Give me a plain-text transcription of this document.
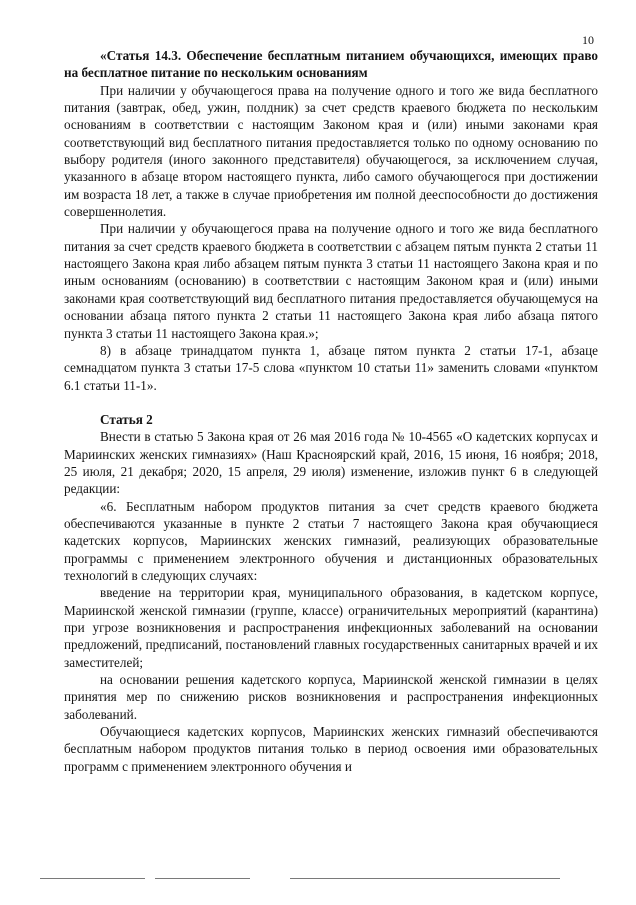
10

«Статья 14.3. Обеспечение бесплатным питанием обучающихся, имеющих право на бесплатное питание по нескольким основаниям

При наличии у обучающегося права на получение одного и того же вида бесплатного питания (завтрак, обед, ужин, полдник) за счет средств краевого бюджета по нескольким основаниям в соответствии с настоящим Законом края и (или) иными законами края соответствующий вид бесплатного питания предоставляется только по одному основанию по выбору родителя (иного законного представителя) обучающегося, за исключением случая, указанного в абзаце втором настоящего пункта, либо самого обучающегося при достижении им возраста 18 лет, а также в случае приобретения им полной дееспособности до достижения совершеннолетия.

При наличии у обучающегося права на получение одного и того же вида бесплатного питания за счет средств краевого бюджета в соответствии с абзацем пятым пункта 2 статьи 11 настоящего Закона края либо абзацем пятым пункта 3 статьи 11 настоящего Закона края и по иным основаниям (основанию) в соответствии с настоящим Законом края и (или) иными законами края соответствующий вид бесплатного питания предоставляется обучающемуся на основании абзаца пятого пункта 2 статьи 11 настоящего Закона края либо абзаца пятого пункта 3 статьи 11 настоящего Закона края.»;

8) в абзаце тринадцатом пункта 1, абзаце пятом пункта 2 статьи 17-1, абзаце семнадцатом пункта 3 статьи 17-5 слова «пунктом 10 статьи 11» заменить словами «пунктом 6.1 статьи 11-1».

Статья 2

Внести в статью 5 Закона края от 26 мая 2016 года № 10-4565 «О кадетских корпусах и Мариинских женских гимназиях» (Наш Красноярский край, 2016, 15 июня, 16 ноября; 2018, 25 июля, 21 декабря; 2020, 15 апреля, 29 июля) изменение, изложив пункт 6 в следующей редакции:

«6. Бесплатным набором продуктов питания за счет средств краевого бюджета обеспечиваются указанные в пункте 2 статьи 7 настоящего Закона края обучающиеся кадетских корпусов, Мариинских женских гимназий, реализующих образовательные программы с применением электронного обучения и дистанционных образовательных технологий в следующих случаях:

введение на территории края, муниципального образования, в кадетском корпусе, Мариинской женской гимназии (группе, классе) ограничительных мероприятий (карантина) при угрозе возникновения и распространения инфекционных заболеваний на основании предложений, предписаний, постановлений главных государственных санитарных врачей и их заместителей;

на основании решения кадетского корпуса, Мариинской женской гимназии в целях принятия мер по снижению рисков возникновения и распространения инфекционных заболеваний.

Обучающиеся кадетских корпусов, Мариинских женских гимназий обеспечиваются бесплатным набором продуктов питания только в период освоения ими образовательных программ с применением электронного обучения и
